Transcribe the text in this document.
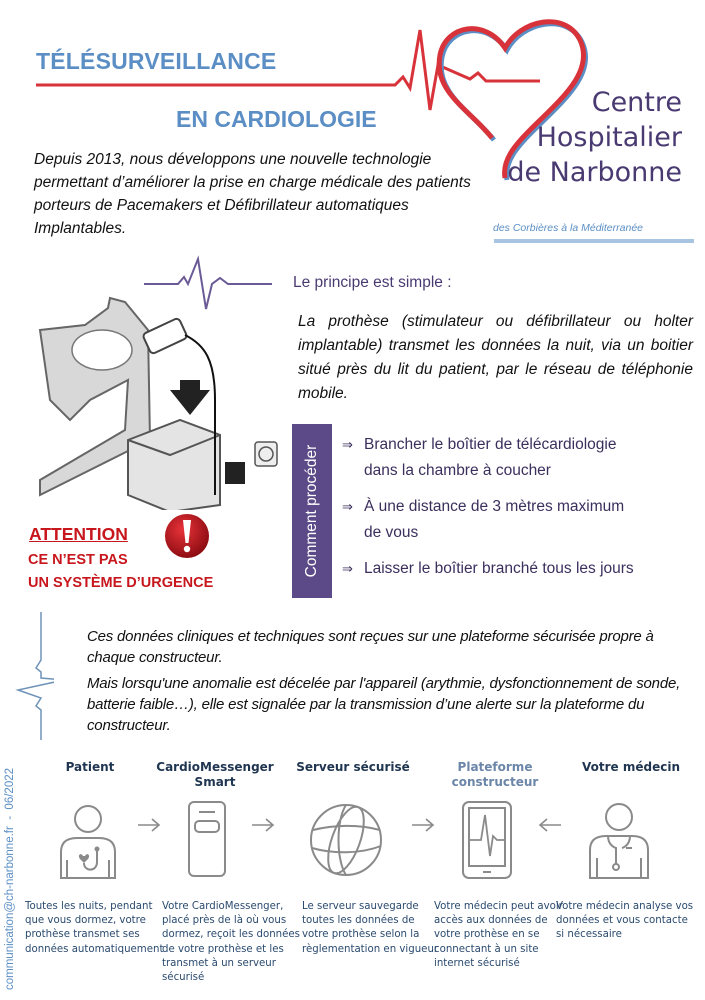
TÉLÉSURVEILLANCE
EN CARDIOLOGIE
Centre
Hospitalier
de Narbonne
des Corbières à la Méditerranée
Depuis 2013, nous développons une nouvelle technologie permettant d’améliorer la prise en charge médicale des patients porteurs de Pacemakers et Défibrillateur automatiques Implantables.
Le principe est simple :
La prothèse (stimulateur ou défibrillateur ou holter implantable) transmet les données la nuit, via un boitier situé près du lit du patient, par le réseau de téléphonie mobile.
Comment procéder
⇒ Brancher le boîtier de télécardiologie
dans la chambre à coucher
⇒ À une distance de 3 mètres maximum
de vous
⇒ Laisser le boîtier branché tous les jours
ATTENTION
CE N’EST PAS
UN SYSTÈME D’URGENCE

Ces données cliniques et techniques sont reçues sur une plateforme sécurisée propre à chaque constructeur.

Mais lorsqu'une anomalie est décelée par l'appareil (arythmie, dysfonctionnement de sonde, batterie faible…), elle est signalée par la transmission d’une alerte sur la plateforme du constructeur.

Patient
Toutes les nuits, pendant que vous dormez, votre prothèse transmet ses données automatiquement
CardioMessenger Smart
Votre CardioMessenger, placé près de là où vous dormez, reçoit les données de votre prothèse et les transmet à un serveur sécurisé
Serveur sécurisé
Le serveur sauvegarde toutes les données de votre prothèse selon la règlementation en vigueur
Plateforme constructeur
Votre médecin peut avoir accès aux données de votre prothèse en se connectant à un site internet sécurisé
Votre médecin
Votre médecin analyse vos données et vous contacte si nécessaire
communication@ch-narbonne.fr  -  06/2022
